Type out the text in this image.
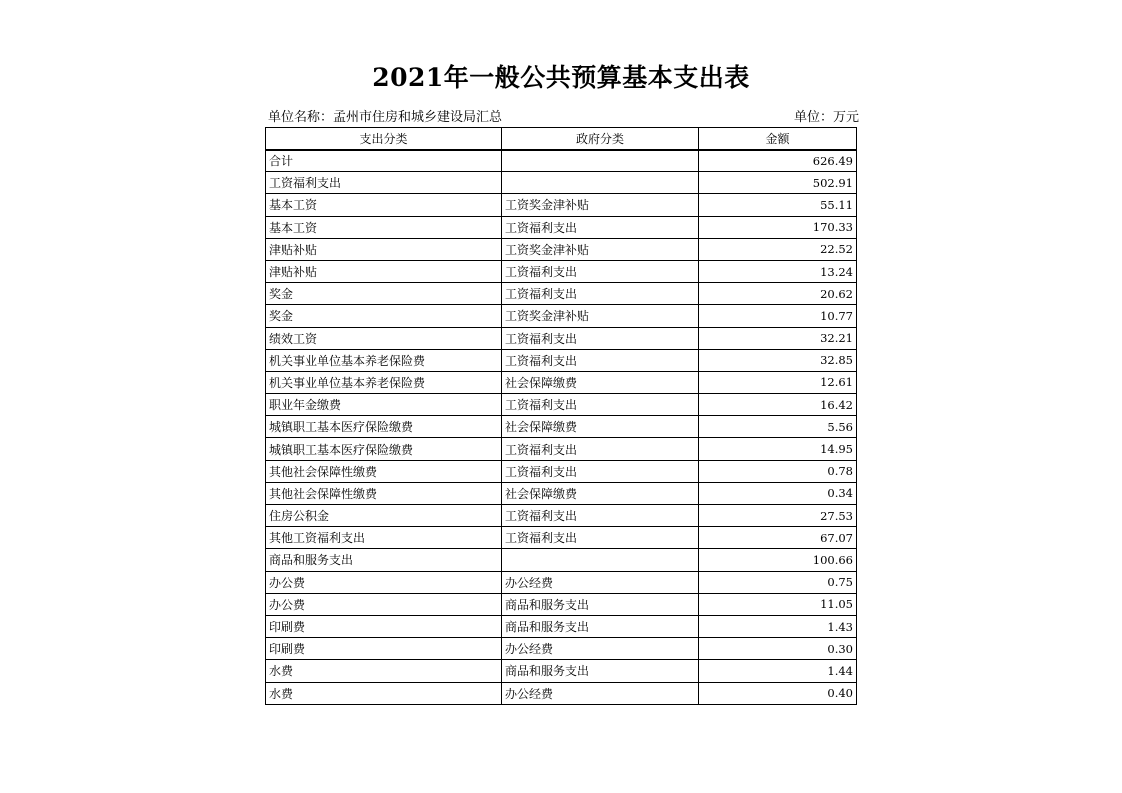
2021年一般公共预算基本支出表
单位名称：孟州市住房和城乡建设局汇总	单位：万元
支出分类	政府分类	金额
合计		626.49
工资福利支出		502.91
基本工资	工资奖金津补贴	55.11
基本工资	工资福利支出	170.33
津贴补贴	工资奖金津补贴	22.52
津贴补贴	工资福利支出	13.24
奖金	工资福利支出	20.62
奖金	工资奖金津补贴	10.77
绩效工资	工资福利支出	32.21
机关事业单位基本养老保险费	工资福利支出	32.85
机关事业单位基本养老保险费	社会保障缴费	12.61
职业年金缴费	工资福利支出	16.42
城镇职工基本医疗保险缴费	社会保障缴费	5.56
城镇职工基本医疗保险缴费	工资福利支出	14.95
其他社会保障性缴费	工资福利支出	0.78
其他社会保障性缴费	社会保障缴费	0.34
住房公积金	工资福利支出	27.53
其他工资福利支出	工资福利支出	67.07
商品和服务支出		100.66
办公费	办公经费	0.75
办公费	商品和服务支出	11.05
印刷费	商品和服务支出	1.43
印刷费	办公经费	0.30
水费	商品和服务支出	1.44
水费	办公经费	0.40
